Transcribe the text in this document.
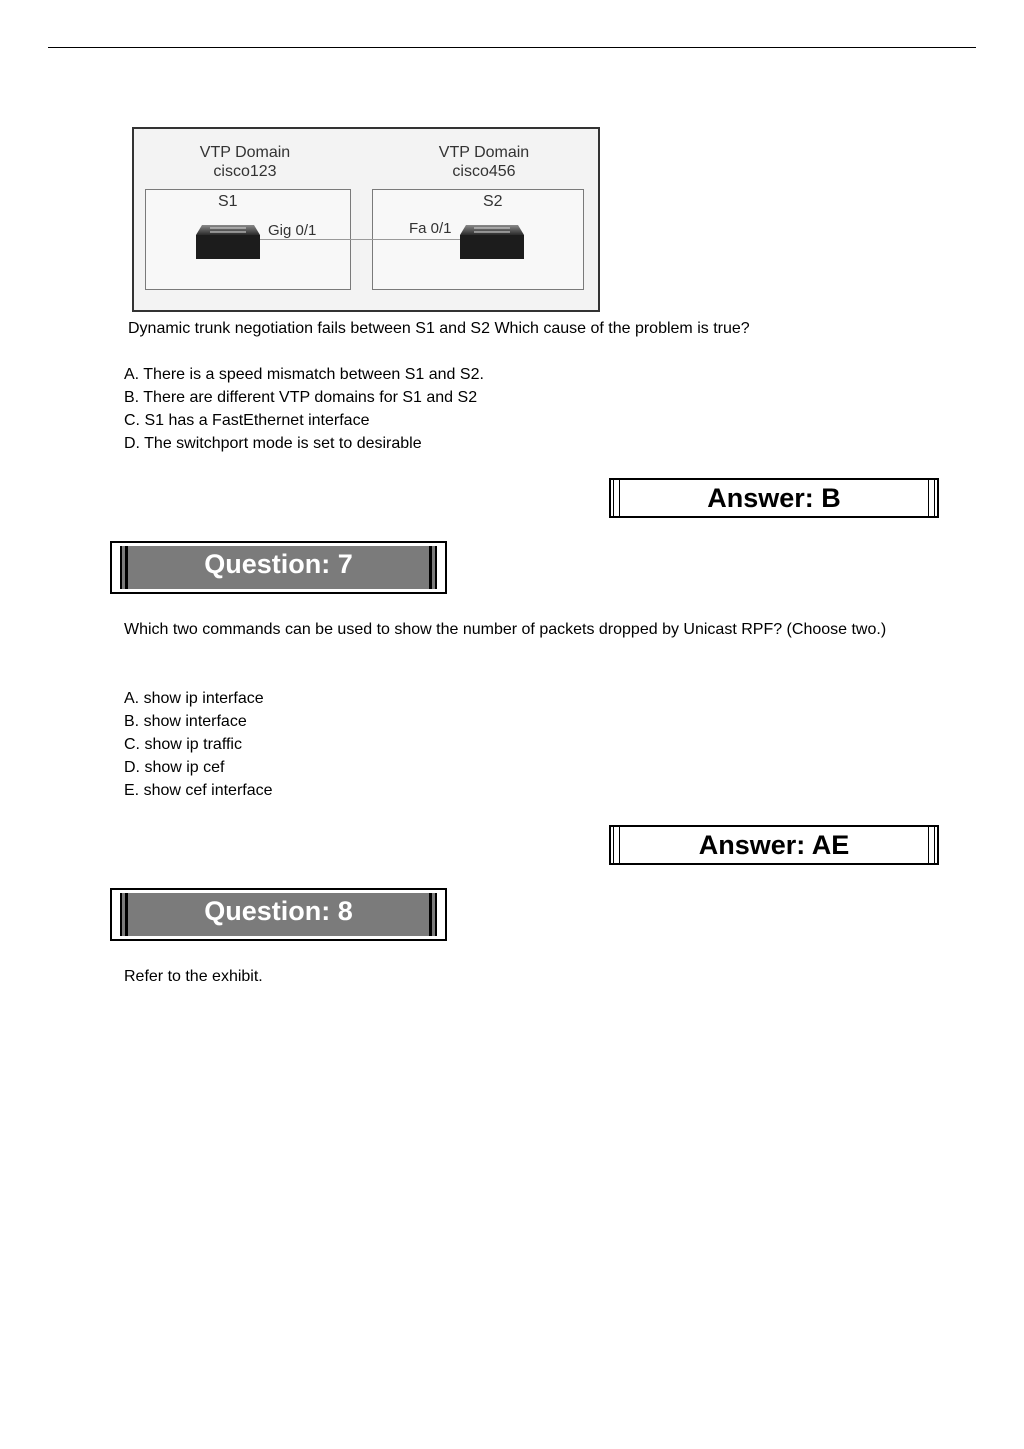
VTP Domain
cisco123
VTP Domain
cisco456
S1	S2
Gig 0/1	Fa 0/1

Dynamic trunk negotiation fails between S1 and S2 Which cause of the problem is true?

A. There is a speed mismatch between S1 and S2.
B. There are different VTP domains for S1 and S2
C. S1 has a FastEthernet interface
D. The switchport mode is set to desirable
Answer: B
Question: 7

Which two commands can be used to show the number of packets dropped by Unicast RPF? (Choose two.)

A. show ip interface
B. show interface
C. show ip traffic
D. show ip cef
E. show cef interface
Answer: AE
Question: 8

Refer to the exhibit.
